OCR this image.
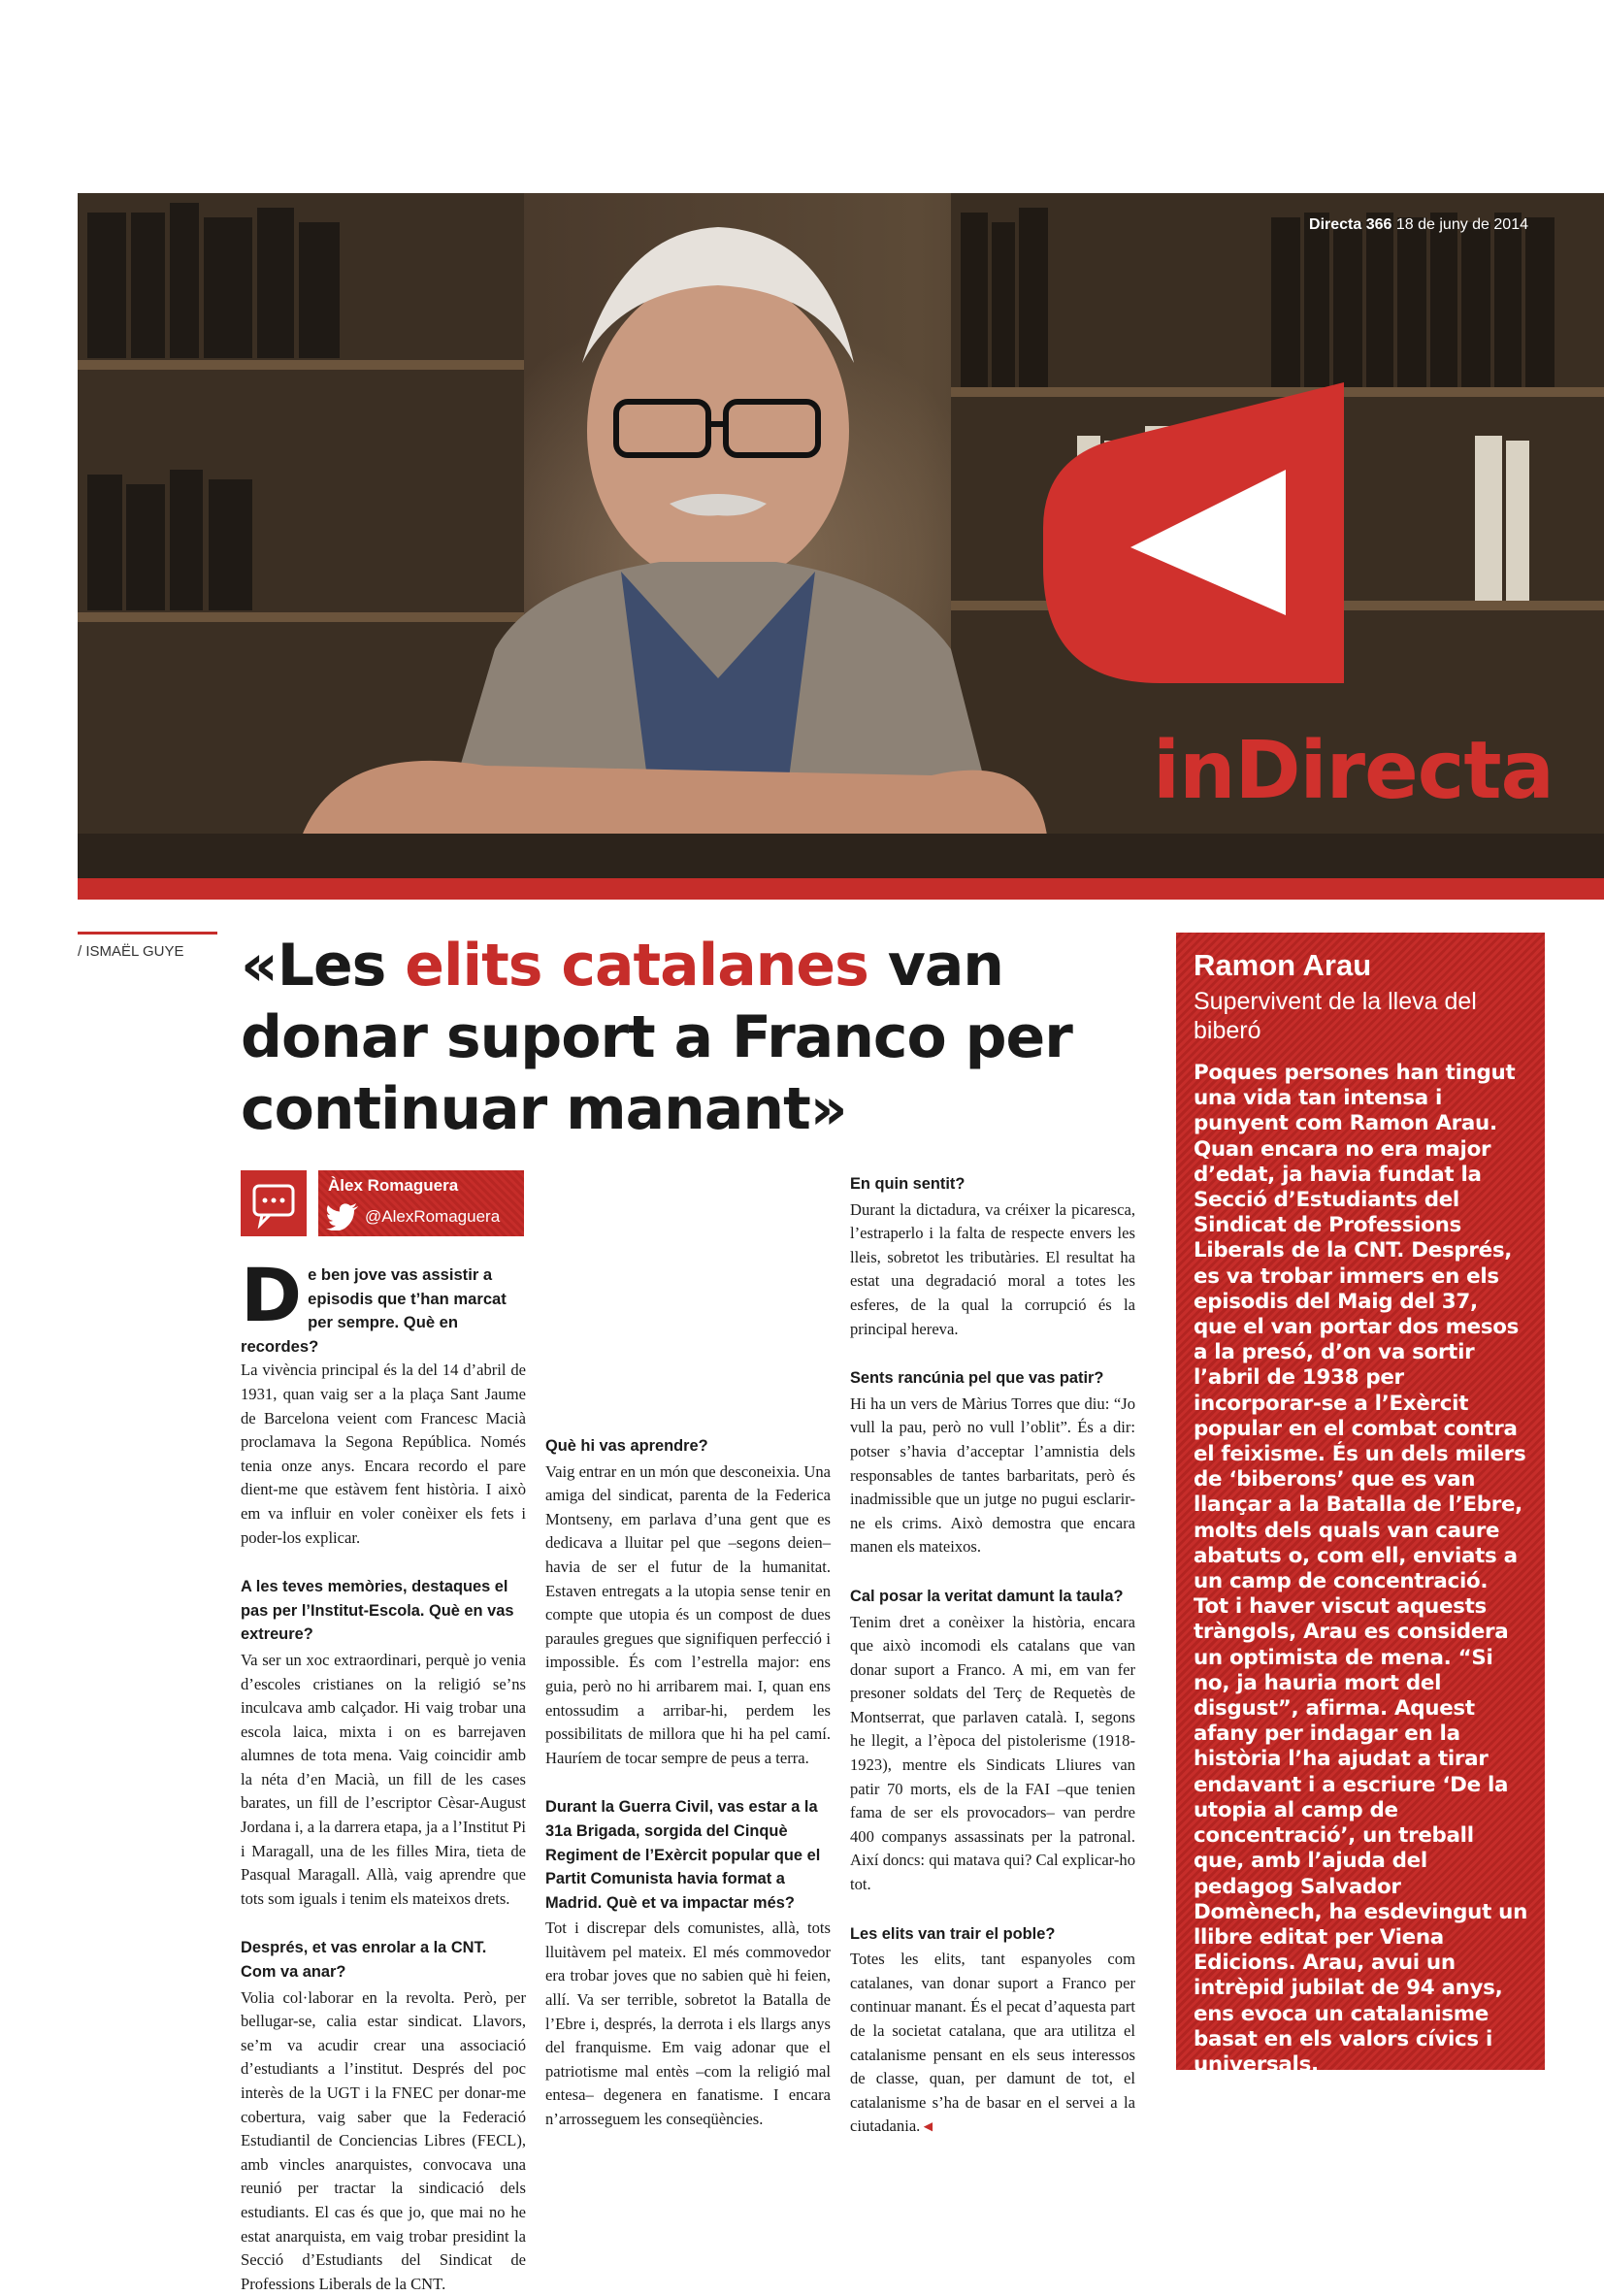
Directa 366 18 de juny de 2014
inDirecta
/ ISMAËL GUYE «Les elits catalanes van donar suport a Franco per continuar manant»
Àlex Romaguera
@AlexRomaguera

De ben jove vas assistir a episodis que t’han marcat per sempre. Què en recordes?

La vivència principal és la del 14 d’abril de 1931, quan vaig ser a la plaça Sant Jaume de Barcelona veient com Francesc Macià proclamava la Segona República. Només tenia onze anys. Encara recordo el pare dient-me que estàvem fent història. I això em va influir en voler conèixer els fets i poder-los explicar.

A les teves memòries, destaques el pas per l’Institut-Escola. Què en vas extreure?

Va ser un xoc extraordinari, perquè jo venia d’escoles cristianes on la religió se’ns inculcava amb calçador. Hi vaig trobar una escola laica, mixta i on es barrejaven alumnes de tota mena. Vaig coincidir amb la néta d’en Macià, un fill de les cases barates, un fill de l’escriptor Cèsar-August Jordana i, a la darrera etapa, ja a l’Institut Pi i Maragall, una de les filles Mira, tieta de Pasqual Maragall. Allà, vaig aprendre que tots som iguals i tenim els mateixos drets.

Després, et vas enrolar a la CNT. Com va anar?

Volia col·laborar en la revolta. Però, per bellugar-se, calia estar sindicat. Llavors, se’m va acudir crear una associació d’estudiants a l’institut. Després del poc interès de la UGT i la FNEC per donar-me cobertura, vaig saber que la Federació Estudiantil de Conciencias Libres (FECL), amb vincles anarquistes, convocava una reunió per tractar la sindicació dels estudiants. El cas és que jo, que mai no he estat anarquista, em vaig trobar presidint la Secció d’Estudiants del Sindicat de Professions Liberals de la CNT.

Què hi vas aprendre?

Vaig entrar en un món que desconeixia. Una amiga del sindicat, parenta de la Federica Montseny, em parlava d’una gent que es dedicava a lluitar pel que –segons deien– havia de ser el futur de la humanitat. Estaven entregats a la utopia sense tenir en compte que utopia és un compost de dues paraules gregues que signifiquen perfecció i impossible. És com l’estrella major: ens guia, però no hi arribarem mai. I, quan ens entossudim a arribar-hi, perdem les possibilitats de millora que hi ha pel camí. Hauríem de tocar sempre de peus a terra.

Durant la Guerra Civil, vas estar a la 31a Brigada, sorgida del Cinquè Regiment de l’Exèrcit popular que el Partit Comunista havia format a Madrid. Què et va impactar més?

Tot i discrepar dels comunistes, allà, tots lluitàvem pel mateix. El més commovedor era trobar joves que no sabien què hi feien, allí. Va ser terrible, sobretot la Batalla de l’Ebre i, després, la derrota i els llargs anys del franquisme. Em vaig adonar que el patriotisme mal entès –com la religió mal entesa– degenera en fanatisme. I encara n’arrosseguem les conseqüències.

En quin sentit?

Durant la dictadura, va créixer la picaresca, l’estraperlo i la falta de respecte envers les lleis, sobretot les tributàries. El resultat ha estat una degradació moral a totes les esferes, de la qual la corrupció és la principal hereva.

Sents rancúnia pel que vas patir?

Hi ha un vers de Màrius Torres que diu: “Jo vull la pau, però no vull l’oblit”. És a dir: potser s’havia d’acceptar l’amnistia dels responsables de tantes barbaritats, però és inadmissible que un jutge no pugui esclarir-ne els crims. Això demostra que encara manen els mateixos.

Cal posar la veritat damunt la taula?

Tenim dret a conèixer la història, encara que això incomodi els catalans que van donar suport a Franco. A mi, em van fer presoner soldats del Terç de Requetès de Montserrat, que parlaven català. I, segons he llegit, a l’època del pistolerisme (1918-1923), mentre els Sindicats Lliures van patir 70 morts, els de la FAI –que tenien fama de ser els provocadors– van perdre 400 companys assassinats per la patronal. Així doncs: qui matava qui? Cal explicar-ho tot.

Les elits van trair el poble?

Totes les elits, tant espanyoles com catalanes, van donar suport a Franco per continuar manant. És el pecat d’aquesta part de la societat catalana, que ara utilitza el catalanisme pensant en els seus interessos de classe, quan, per damunt de tot, el catalanisme s’ha de basar en el servei a la ciutadania. ◂

Ramon Arau
Supervivent de la lleva del biberó
Poques persones han tingut una vida tan intensa i punyent com Ramon Arau. Quan encara no era major d’edat, ja havia fundat la Secció d’Estudiants del Sindicat de Professions Liberals de la CNT. Després, es va trobar immers en els episodis del Maig del 37, que el van portar dos mesos a la presó, d’on va sortir l’abril de 1938 per incorporar-se a l’Exèrcit popular en el combat contra el feixisme. És un dels milers de ‘biberons’ que es van llançar a la Batalla de l’Ebre, molts dels quals van caure abatuts o, com ell, enviats a un camp de concentració. Tot i haver viscut aquests tràngols, Arau es considera un optimista de mena. “Si no, ja hauria mort del disgust”, afirma. Aquest afany per indagar en la història l’ha ajudat a tirar endavant i a escriure ‘De la utopia al camp de concentració’, un treball que, amb l’ajuda del pedagog Salvador Domènech, ha esdevingut un llibre editat per Viena Edicions. Arau, avui un intrèpid jubilat de 94 anys, ens evoca un catalanisme basat en els valors cívics i universals.
